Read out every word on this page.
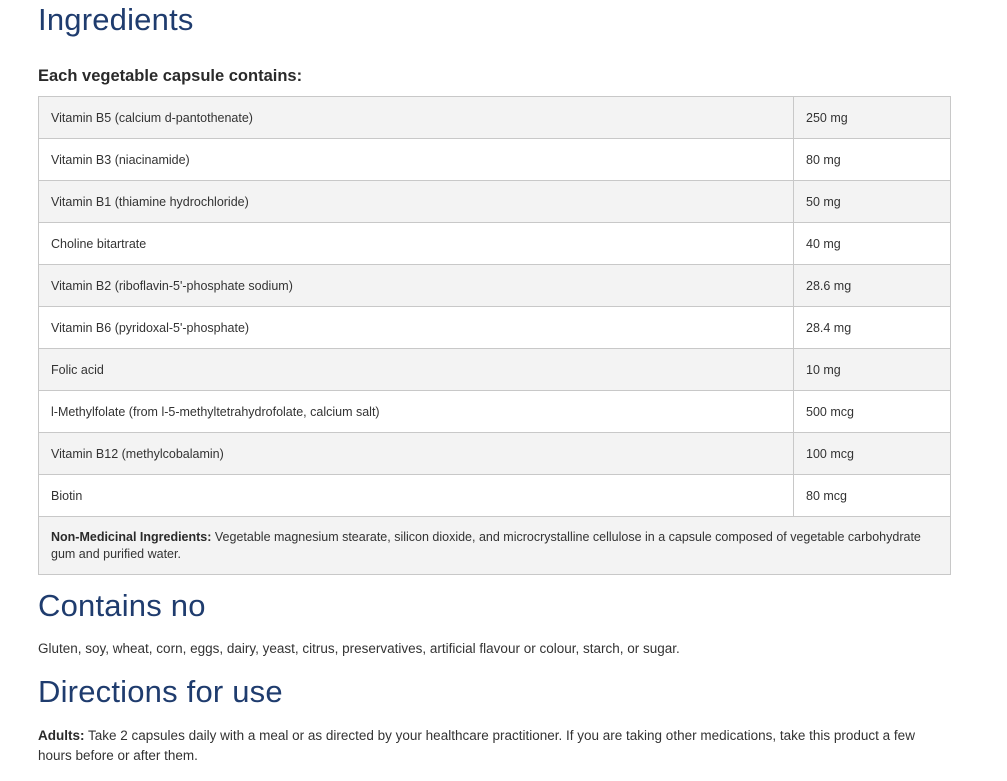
Ingredients

Each vegetable capsule contains:

Vitamin B5 (calcium d-pantothenate)	250 mg
Vitamin B3 (niacinamide)	80 mg
Vitamin B1 (thiamine hydrochloride)	50 mg
Choline bitartrate	40 mg
Vitamin B2 (riboflavin-5'-phosphate sodium)	28.6 mg
Vitamin B6 (pyridoxal-5'-phosphate)	28.4 mg
Folic acid	10 mg
l-Methylfolate (from l-5-methyltetrahydrofolate, calcium salt)	500 mcg
Vitamin B12 (methylcobalamin)	100 mcg
Biotin	80 mcg
Non-Medicinal Ingredients: Vegetable magnesium stearate, silicon dioxide, and microcrystalline cellulose in a capsule composed of vegetable carbohydrate gum and purified water.	
Contains no

Gluten, soy, wheat, corn, eggs, dairy, yeast, citrus, preservatives, artificial flavour or colour, starch, or sugar.

Directions for use

Adults: Take 2 capsules daily with a meal or as directed by your healthcare practitioner. If you are taking other medications, take this product a few hours before or after them.
